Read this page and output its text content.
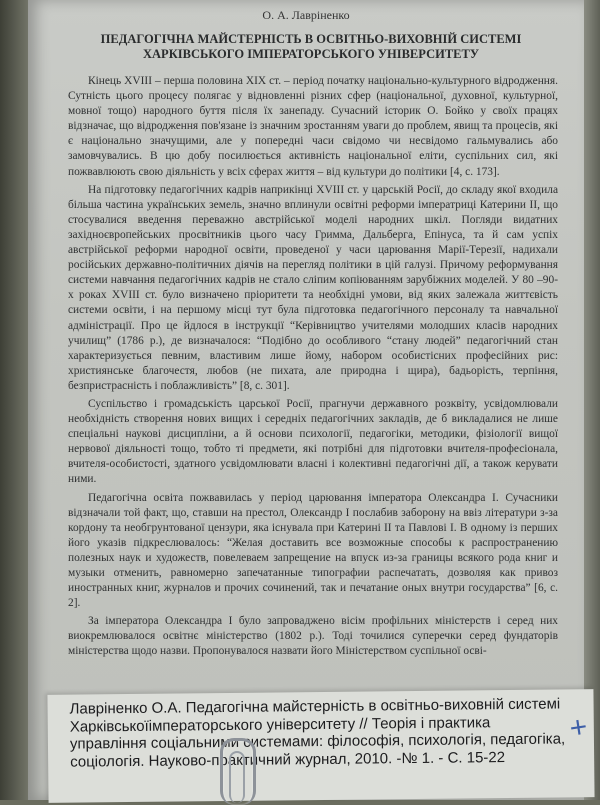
О. А. Лавріненко
ПЕДАГОГІЧНА МАЙСТЕРНІСТЬ В ОСВІТНЬО-ВИХОВНІЙ СИСТЕМІ ХАРКІВСЬКОГО ІМПЕРАТОРСЬКОГО УНІВЕРСИТЕТУ

Кінець XVIII – перша половина XIX ст. – період початку національно-культурного відродження. Сутність цього процесу полягає у відновленні різних сфер (національної, духовної, культурної, мовної тощо) народного буття після їх занепаду. Сучасний історик О. Бойко у своїх працях відзначає, що відродження пов'язане із значним зростанням уваги до проблем, явищ та процесів, які є національно значущими, але у попередні часи свідомо чи несвідомо гальмувались або замовчувались. В цю добу посилюється активність національної еліти, суспільних сил, які пожвавлюють свою діяльність у всіх сферах життя – від культури до політики [4, с. 173].

На підготовку педагогічних кадрів наприкінці XVIII ст. у царській Росії, до складу якої входила більша частина українських земель, значно вплинули освітні реформи імператриці Катерини II, що стосувалися введення переважно австрійської моделі народних шкіл. Погляди видатних західноєвропейських просвітників цього часу Гримма, Дальберга, Епінуса, та й сам успіх австрійської реформи народної освіти, проведеної у часи царювання Марії-Терезії, надихали російських державно-політичних діячів на перегляд політики в цій галузі. Причому реформування системи навчання педагогічних кадрів не стало сліпим копіюванням зарубіжних моделей. У 80 –90-х роках XVIII ст. було визначено пріоритети та необхідні умови, від яких залежала життєвість системи освіти, і на першому місці тут була підготовка педагогічного персоналу та навчальної адміністрації. Про це йдлося в інструкції “Керівництво учителями молодших класів народних училищ” (1786 р.), де визначалося: “Подібно до особливого “стану людей” педагогічний стан характеризується певним, властивим лише йому, набором особистісних професійних рис: християнське благочестя, любов (не пихата, але природна і щира), бадьорість, терпіння, безпристрасність і поблажливість” [8, с. 301].

Суспільство і громадськість царської Росії, прагнучи державного розквіту, усвідомлювали необхідність створення нових вищих і середніх педагогічних закладів, де б викладалися не лише спеціальні наукові дисципліни, а й основи психології, педагогіки, методики, фізіології вищої нервової діяльності тощо, тобто ті предмети, які потрібні для підготовки вчителя-професіонала, вчителя-особистості, здатного усвідомлювати власні і колективні педагогічні дії, а також керувати ними.

Педагогічна освіта пожвавилась у період царювання імператора Олександра I. Сучасники відзначали той факт, що, ставши на престол, Олександр I послабив заборону на ввіз літератури з-за кордону та необгрунтованої цензури, яка існувала при Катерині II та Павлові I. В одному із перших його указів підкреслювалось: “Желая доставить все возможные способы к распространению полезных наук и художеств, повелеваем запрещение на впуск из-за границы всякого рода книг и музыки отменить, равномерно запечатанные типографии распечатать, дозволяя как привоз иностранных книг, журналов и прочих сочинений, так и печатание оных внутри государства” [6, с. 2].

За імператора Олександра I було запроваджено вісім профільних міністерств і серед них виокремлювалося освітнє міністерство (1802 р.). Тоді точилися суперечки серед фундаторів міністерства щодо назви. Пропонувалося назвати його Міністерством суспільної осві-

Лавріненко О.А. Педагогічна майстерність в освітньо-виховній системі Харківськоїімператорського університету // Теорія і практика управління соціальними системами: філософія, психологія, педагогіка, соціологія. Науково-практичний журнал, 2010. -№ 1. - С. 15-22
+
